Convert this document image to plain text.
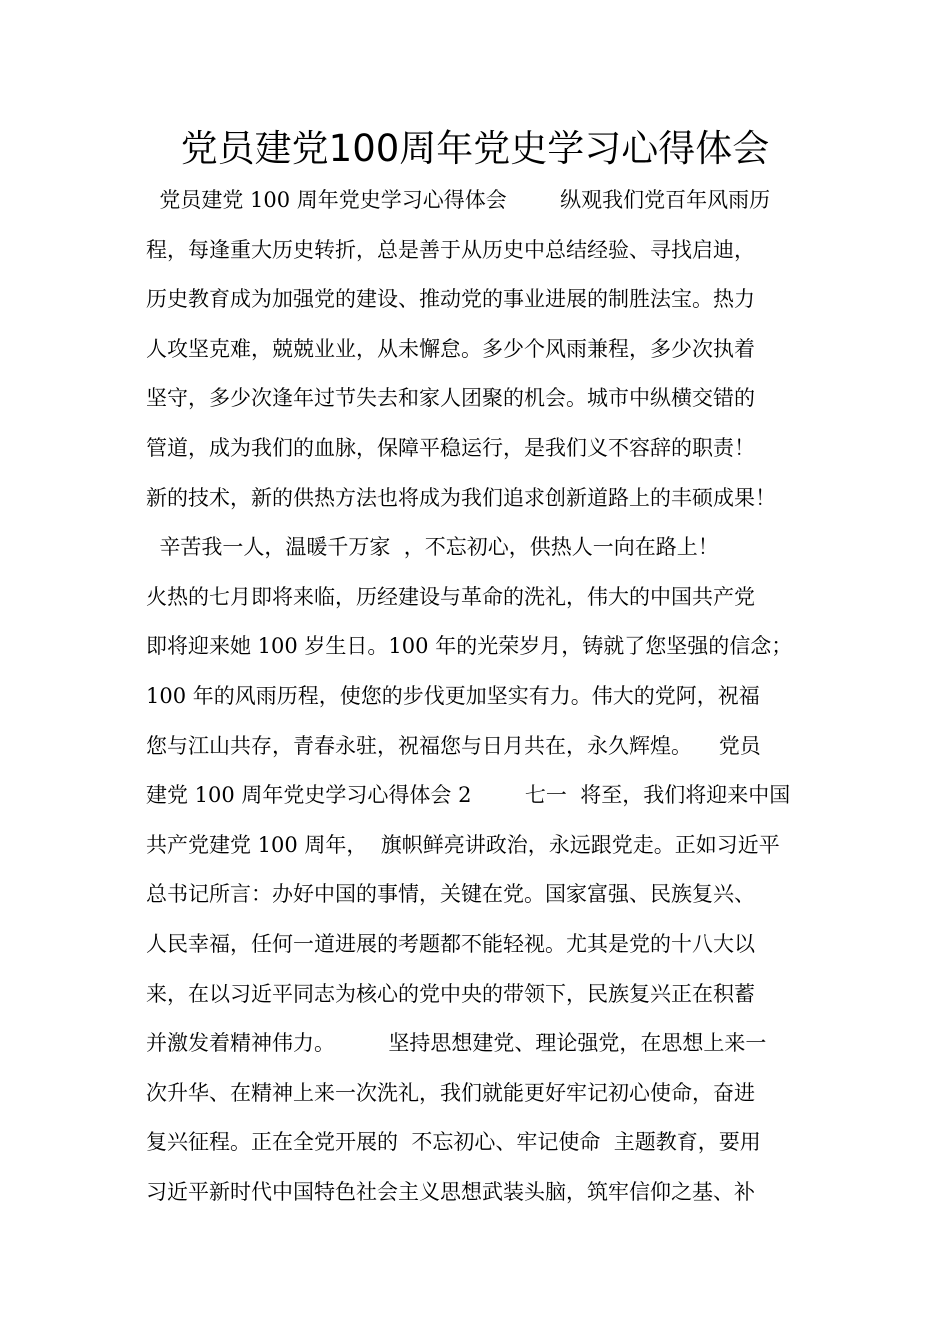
党员建党100周年党史学习心得体会
党员建党 100 周年党史学习心得体会        纵观我们党百年风雨历
程，每逢重大历史转折，总是善于从历史中总结经验、寻找启迪，
历史教育成为加强党的建设、推动党的事业进展的制胜法宝。热力
人攻坚克难，兢兢业业，从未懈怠。多少个风雨兼程，多少次执着
坚守，多少次逢年过节失去和家人团聚的机会。城市中纵横交错的
管道，成为我们的血脉，保障平稳运行，是我们义不容辞的职责！
新的技术，新的供热方法也将成为我们追求创新道路上的丰硕成果！
辛苦我一人，温暖千万家  ，不忘初心，供热人一向在路上！
火热的七月即将来临，历经建设与革命的洗礼，伟大的中国共产党
即将迎来她 100 岁生日。100 年的光荣岁月，铸就了您坚强的信念；
100 年的风雨历程，使您的步伐更加坚实有力。伟大的党阿，祝福
您与江山共存，青春永驻，祝福您与日月共在，永久辉煌。    党员
建党 100 周年党史学习心得体会 2        七一  将至，我们将迎来中国
共产党建党 100 周年，  旗帜鲜亮讲政治，永远跟党走。正如习近平
总书记所言：办好中国的事情，关键在党。国家富强、民族复兴、
人民幸福，任何一道进展的考题都不能轻视。尤其是党的十八大以
来，在以习近平同志为核心的党中央的带领下，民族复兴正在积蓄
并激发着精神伟力。        坚持思想建党、理论强党，在思想上来一
次升华、在精神上来一次洗礼，我们就能更好牢记初心使命，奋进
复兴征程。正在全党开展的  不忘初心、牢记使命  主题教育，要用
习近平新时代中国特色社会主义思想武装头脑，筑牢信仰之基、补
